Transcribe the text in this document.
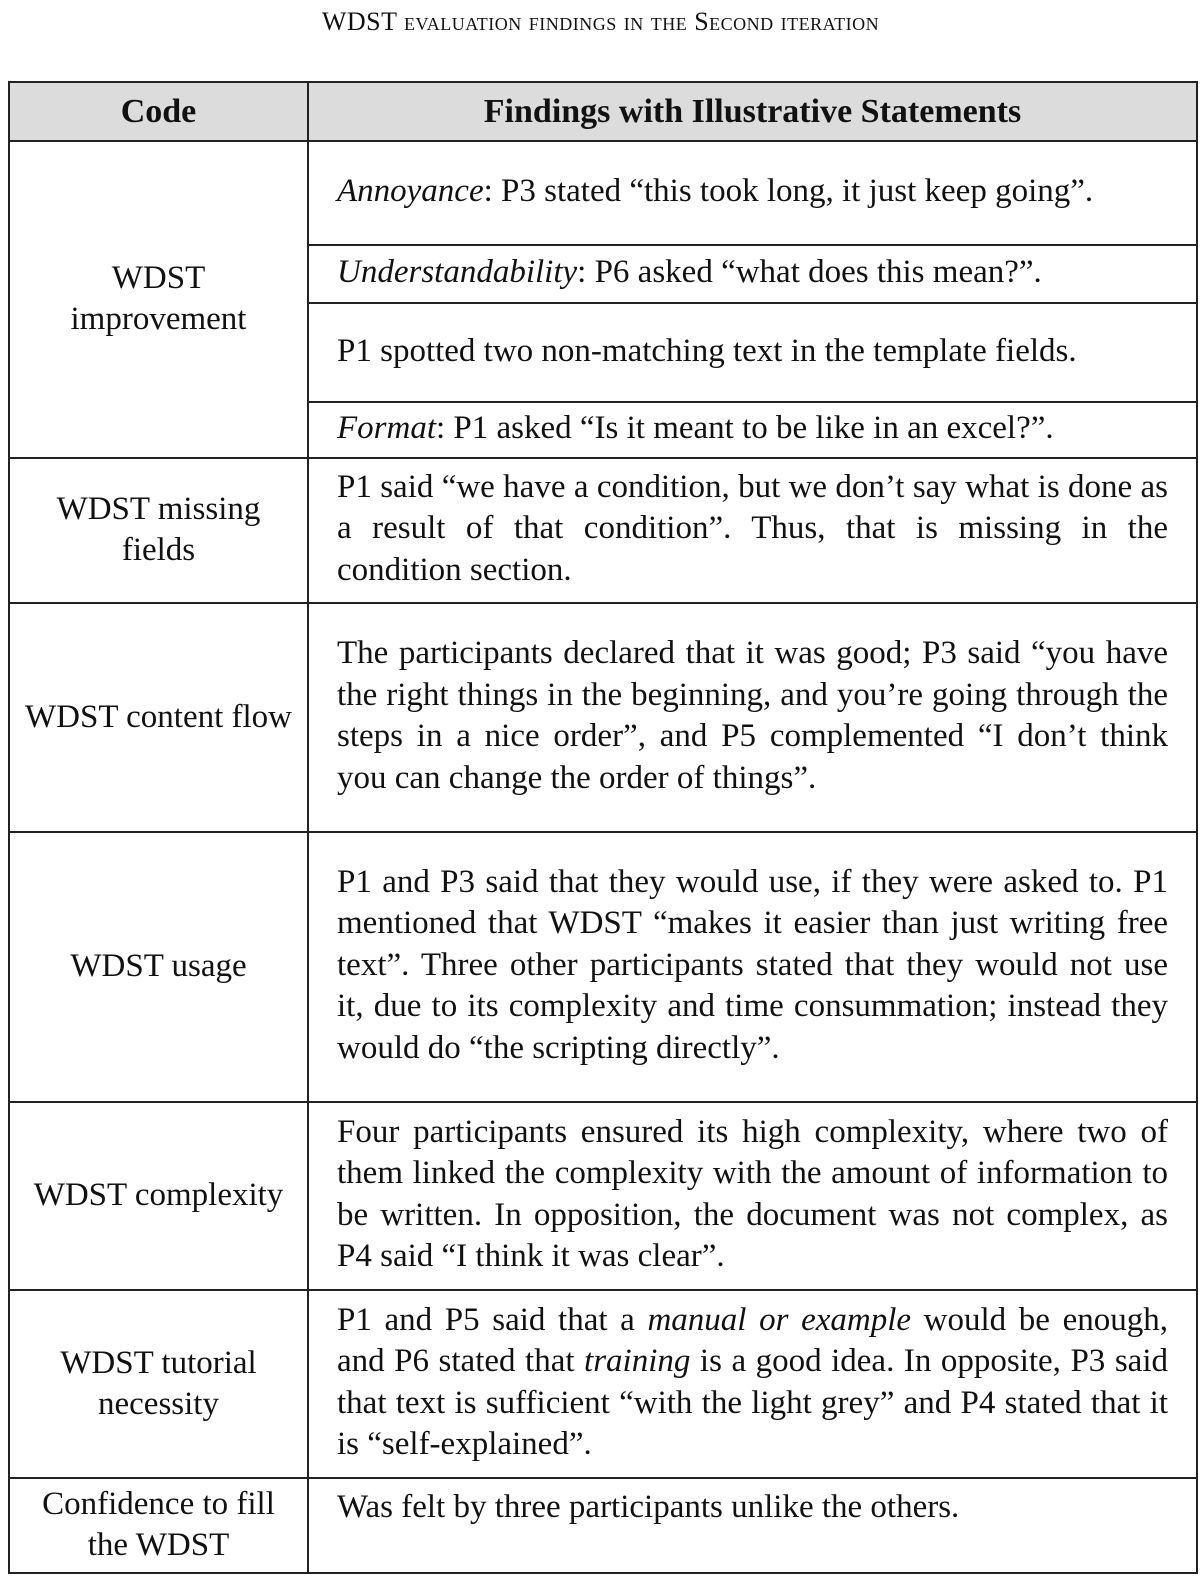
WDST evaluation findings in the Second iteration
Code	Findings with Illustrative Statements
WDST improvement	Annoyance: P3 stated “this took long, it just keep going”.
	Understandability: P6 asked “what does this mean?”.
	P1 spotted two non-matching text in the template fields.
	Format: P1 asked “Is it meant to be like in an excel?”.
WDST missing fields	P1 said “we have a condition, but we don’t say what is done as a result of that condition”. Thus, that is missing in the condition section.
WDST content flow	The participants declared that it was good; P3 said “you have the right things in the beginning, and you’re going through the steps in a nice order”, and P5 complemented “I don’t think you can change the order of things”.
WDST usage	P1 and P3 said that they would use, if they were asked to. P1 mentioned that WDST “makes it easier than just writing free text”. Three other participants stated that they would not use it, due to its complexity and time consummation; instead they would do “the scripting directly”.
WDST complexity	Four participants ensured its high complexity, where two of them linked the complexity with the amount of information to be written. In opposition, the document was not complex, as P4 said “I think it was clear”.
WDST tutorial necessity	P1 and P5 said that a manual or example would be enough, and P6 stated that training is a good idea. In opposite, P3 said that text is sufficient “with the light grey” and P4 stated that it is “self-explained”.
Confidence to fill the WDST	Was felt by three participants unlike the others.
